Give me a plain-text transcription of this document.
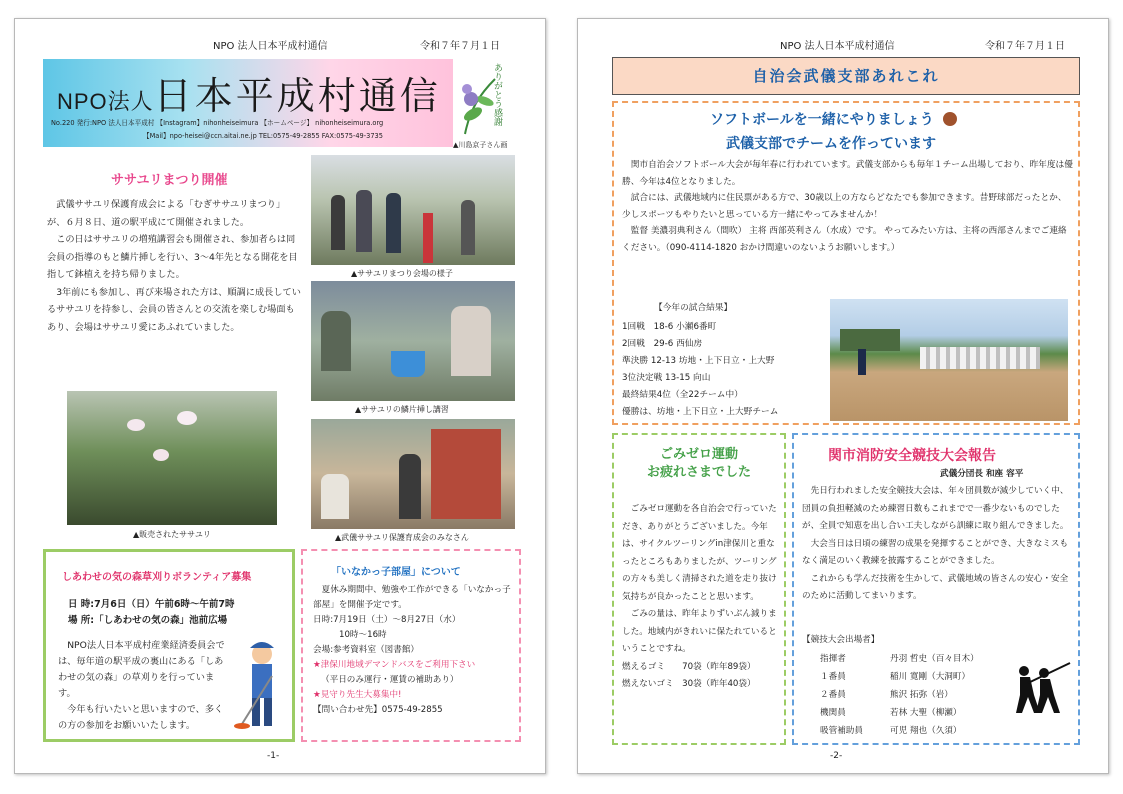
NPO 法人日本平成村通信	令和７年７月１日
NPO法人日本平成村通信
No.220 発行:NPO 法人日本平成村 【Instagram】nihonheiseimura 【ホームページ】 nihonheiseimura.org
【Mail】npo-heisei@ccn.aitai.ne.jp TEL:0575-49-2855 FAX:0575-49-3735
ありがとう感謝
▲川島京子さん画
ササユリまつり開催

武儀ササユリ保護育成会による「むぎササユリまつり」が、６月８日、道の駅平成にて開催されました。

この日はササユリの増殖講習会も開催され、参加者らは同会員の指導のもと鱗片挿しを行い、3～4年先となる開花を目指して鉢植えを持ち帰りました。

3年前にも参加し、再び来場された方は、順調に成長しているササユリを持参し、会員の皆さんとの交流を楽しむ場面もあり、会場はササユリ愛にあふれていました。

▲ササユリまつり会場の様子
▲ササユリの鱗片挿し講習
▲販売されたササユリ	▲武儀ササユリ保護育成会のみなさん
しあわせの気の森草刈りボランティア募集
日 時:7月6日（日）午前6時～午前7時
場 所:「しあわせの気の森」池前広場

NPO法人日本平成村産業経済委員会では、毎年道の駅平成の裏山にある「しあわせの気の森」の草刈りを行っています。

今年も行いたいと思いますので、多くの方の参加をお願いいたします。

「いなかっ子部屋」について

夏休み期間中、勉強や工作ができる「いなかっ子部屋」を開催予定です。

日時:7月19日（土）～8月27日（水）
10時～16時
会場:参考資料室（図書館）
★津保川地域デマンドバスをご利用下さい
（平日のみ運行・運賃の補助あり）
★見守り先生大募集中!
【問い合わせ先】0575-49-2855
-1-
NPO 法人日本平成村通信	令和７年７月１日
自治会武儀支部あれこれ
ソフトボールを一緒にやりましょう
武儀支部でチームを作っています

関市自治会ソフトボール大会が毎年春に行われています。武儀支部からも毎年１チーム出場しており、昨年度は優勝、今年は4位となりました。

試合には、武儀地域内に住民票がある方で、30歳以上の方ならどなたでも参加できます。昔野球部だったとか、少しスポーツもやりたいと思っている方一緒にやってみませんか！

監督 美濃羽典利さん（間吹） 主将 西部英利さん（水成）です。 やってみたい方は、主将の西部さんまでご連絡ください。（090-4114-1820 おかけ間違いのないようお願いします。）

【今年の試合結果】
1回戦　18-6 小瀬6番町
2回戦　29-6 西仙房
準決勝 12-13 坊地・上下日立・上大野
3位決定戦 13-15 向山
最終結果4位（全22チーム中）
優勝は、坊地・上下日立・上大野チーム
ごみゼロ運動
お疲れさまでした

ごみゼロ運動を各自治会で行っていただき、ありがとうございました。今年は、サイクルツーリングin津保川と重なったところもありましたが、ツーリングの方々も美しく清掃された道を走り抜け気持ちが良かったことと思います。

ごみの量は、昨年よりずいぶん減りました。地域内がきれいに保たれているということですね。

燃えるゴミ　　70袋（昨年89袋）
燃えないゴミ　30袋（昨年40袋）
関市消防安全競技大会報告
武儀分団長 和座 容平

先日行われました安全競技大会は、年々団員数が減少していく中、団員の負担軽減のため練習日数もこれまでで一番少ないものでしたが、全員で知恵を出し合い工夫しながら訓練に取り組んできました。

大会当日は日頃の練習の成果を発揮することができ、大きなミスもなく満足のいく教練を披露することができました。

これからも学んだ技術を生かして、武儀地域の皆さんの安心・安全のために活動してまいります。

【競技大会出場者】
指揮者	丹羽 哲史（百々目木）
１番員	稲川 寛剛（大洞町）
２番員	熊沢 拓弥（岩）
機関員	若林 大聖（柳瀬）
吸管補助員	可児 翔也（久須）
-2-
